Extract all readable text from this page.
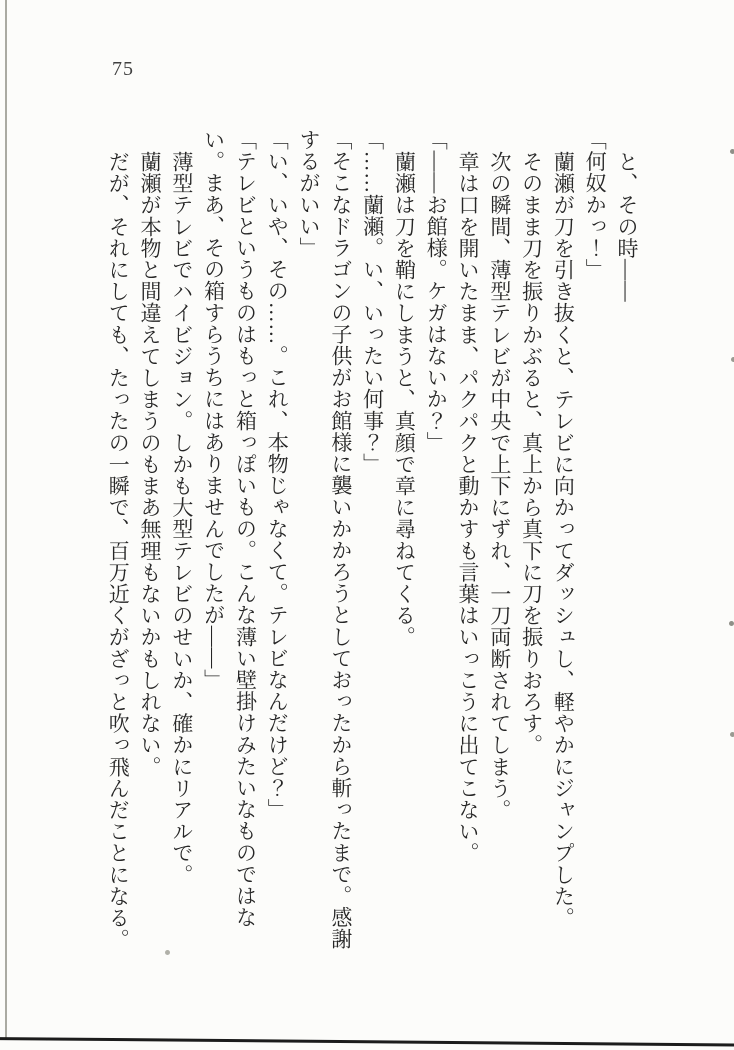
75

と、その時――

「何奴かっ！」

蘭瀬が刀を引き抜くと、テレビに向かってダッシュし、軽やかにジャンプした。

そのまま刀を振りかぶると、真上から真下に刀を振りおろす。

次の瞬間、薄型テレビが中央で上下にずれ、一刀両断されてしまう。

章は口を開いたまま、パクパクと動かすも言葉はいっこうに出てこない。

「――お館様。ケガはないか？」

蘭瀬は刀を鞘にしまうと、真顔で章に尋ねてくる。

「……蘭瀬。い、いったい何事？」

「そこなドラゴンの子供がお館様に襲いかかろうとしておったから斬ったまで。感謝するがいい」

「い、いや、その……。これ、本物じゃなくて。テレビなんだけど？」

「テレビというものはもっと箱っぽいもの。こんな薄い壁掛けみたいなものではない。まあ、その箱すらうちにはありませんでしたが――」

薄型テレビでハイビジョン。しかも大型テレビのせいか、確かにリアルで。

蘭瀬が本物と間違えてしまうのもまあ無理もないかもしれない。

だが、それにしても、たったの一瞬で、百万近くがざっと吹っ飛んだことになる。
